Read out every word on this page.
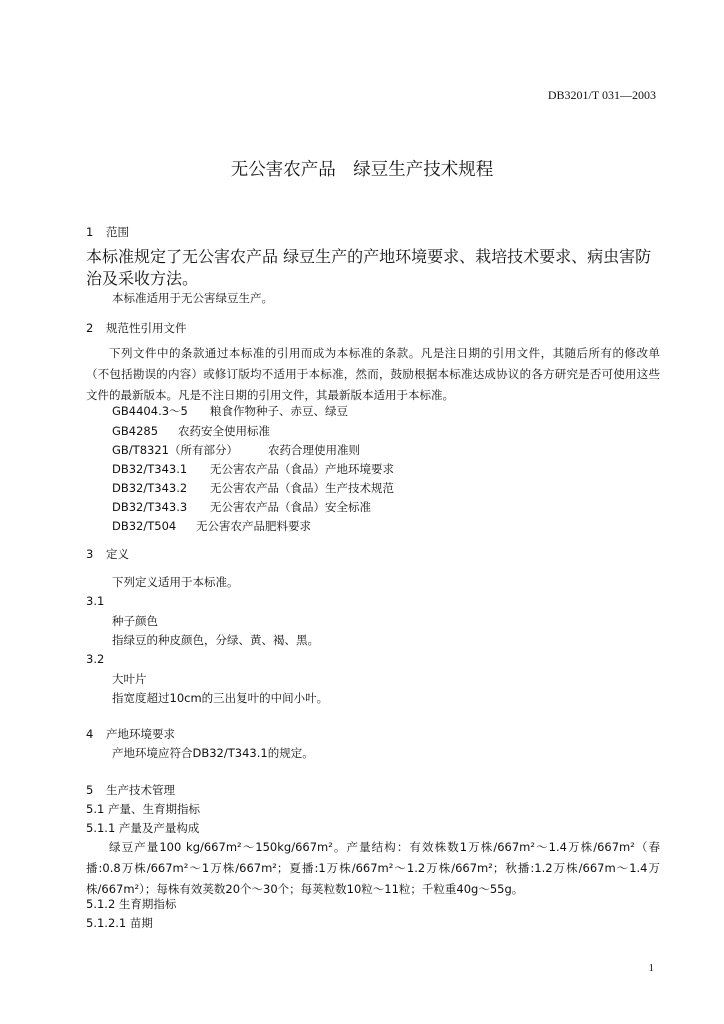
DB3201/T 031—2003
无公害农产品　绿豆生产技术规程
1 范围
本标准规定了无公害农产品 绿豆生产的产地环境要求、栽培技术要求、病虫害防治及采收方法。
本标准适用于无公害绿豆生产。
2 规范性引用文件
下列文件中的条款通过本标准的引用而成为本标准的条款。凡是注日期的引用文件，其随后所有的修改单（不包括勘误的内容）或修订版均不适用于本标准，然而，鼓励根据本标准达成协议的各方研究是否可使用这些文件的最新版本。凡是不注日期的引用文件，其最新版本适用于本标准。
GB4404.3～5 粮食作物种子、赤豆、绿豆
GB4285 农药安全使用标准
GB/T8321（所有部分）	农药合理使用准则
DB32/T343.1 无公害农产品（食品）产地环境要求
DB32/T343.2 无公害农产品（食品）生产技术规范
DB32/T343.3 无公害农产品（食品）安全标准
DB32/T504 无公害农产品肥料要求
3 定义
下列定义适用于本标准。
3.1
种子颜色
指绿豆的种皮颜色，分绿、黄、褐、黑。
3.2
大叶片
指宽度超过10cm的三出复叶的中间小叶。
4 产地环境要求
产地环境应符合DB32/T343.1的规定。
5 生产技术管理
5.1 产量、生育期指标
5.1.1 产量及产量构成
绿豆产量100 kg/667m²～150kg/667m²。产量结构：有效株数1万株/667m²～1.4万株/667m²（春播:0.8万株/667m²～1万株/667m²；夏播:1万株/667m²～1.2万株/667m²；秋播:1.2万株/667m～1.4万株/667m²）；每株有效荚数20个～30个；每荚粒数10粒～11粒；千粒重40g～55g。
5.1.2 生育期指标
5.1.2.1 苗期
1
